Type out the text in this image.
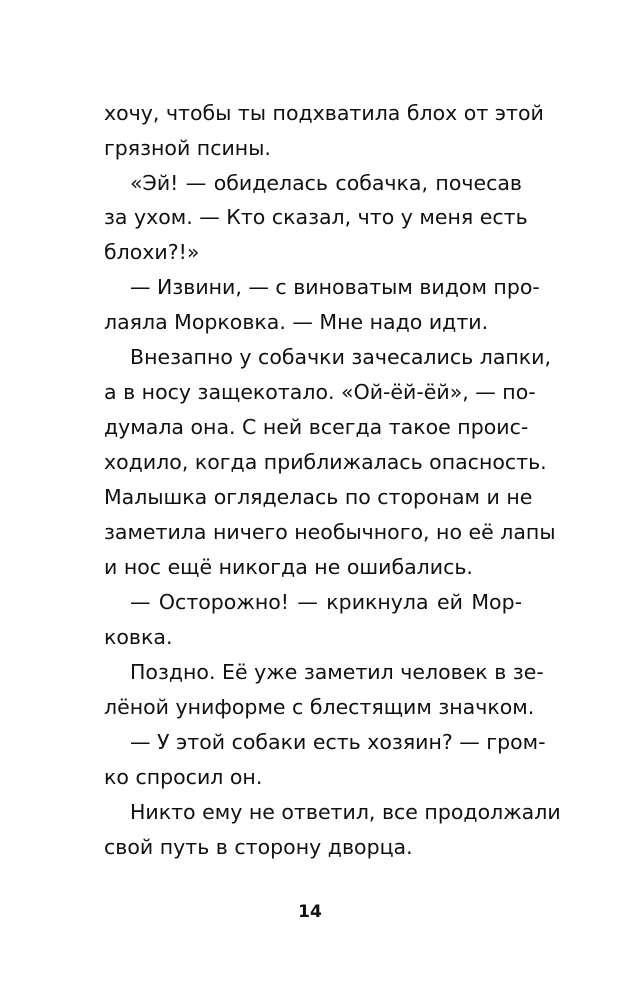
хочу, чтобы ты подхватила блох от этой
грязной псины.
«Эй! — обиделась собачка, почесав
за ухом. — Кто сказал, что у меня есть
блохи?!»
— Извини, — с виноватым видом про-
лаяла Морковка. — Мне надо идти.
Внезапно у собачки зачесались лапки,
а в носу защекотало. «Ой-ёй-ёй», — по-
думала она. С ней всегда такое проис-
ходило, когда приближалась опасность.
Малышка огляделась по сторонам и не
заметила ничего необычного, но её лапы
и нос ещё никогда не ошибались.
— Осторожно! — крикнула ей Мор-
ковка.
Поздно. Её уже заметил человек в зе-
лёной униформе с блестящим значком.
— У этой собаки есть хозяин? — гром-
ко спросил он.
Никто ему не ответил, все продолжали
свой путь в сторону дворца.
14
